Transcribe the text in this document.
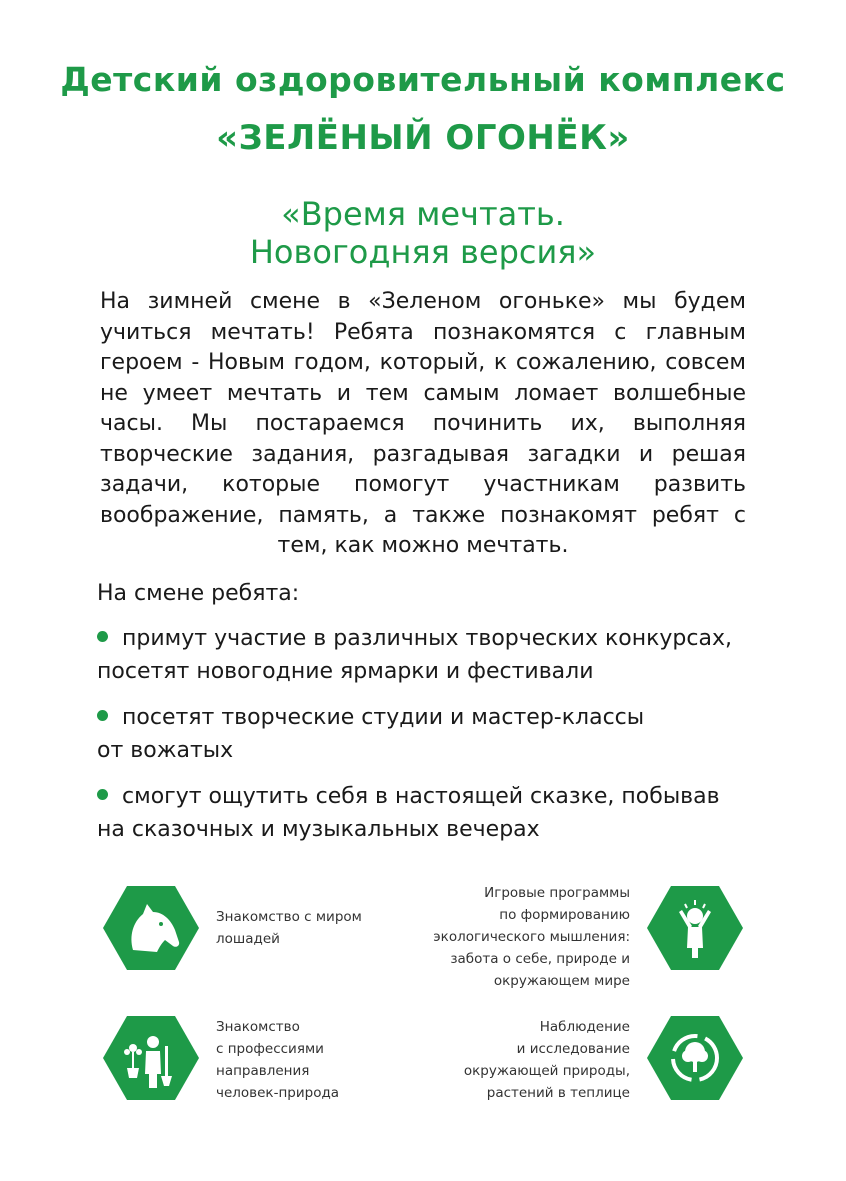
Детский оздоровительный комплекс
«ЗЕЛЁНЫЙ ОГОНЁК»
«Время мечтать.
Новогодняя версия»
На зимней смене в «Зеленом огоньке» мы будем учиться мечтать! Ребята познакомятся с главным героем - Новым годом, который, к сожалению, совсем не умеет мечтать и тем самым ломает волшебные часы. Мы постараемся починить их, выполняя творческие задания, разгадывая загадки и решая задачи, которые помогут участникам развить воображение, память, а также познакомят ребят с тем, как можно мечтать.
На смене ребята:
примут участие в различных творческих конкурсах,
посетят новогодние ярмарки и фестивали
посетят творческие студии и мастер-классы
от вожатых
смогут ощутить себя в настоящей сказке, побывав
на сказочных и музыкальных вечерах
Знакомство с миром
лошадей
Игровые программы
по формированию
экологического мышления:
забота о себе, природе и
окружающем мире
Знакомство
с профессиями
направления
человек-природа
Наблюдение
и исследование
окружающей природы,
растений в теплице
